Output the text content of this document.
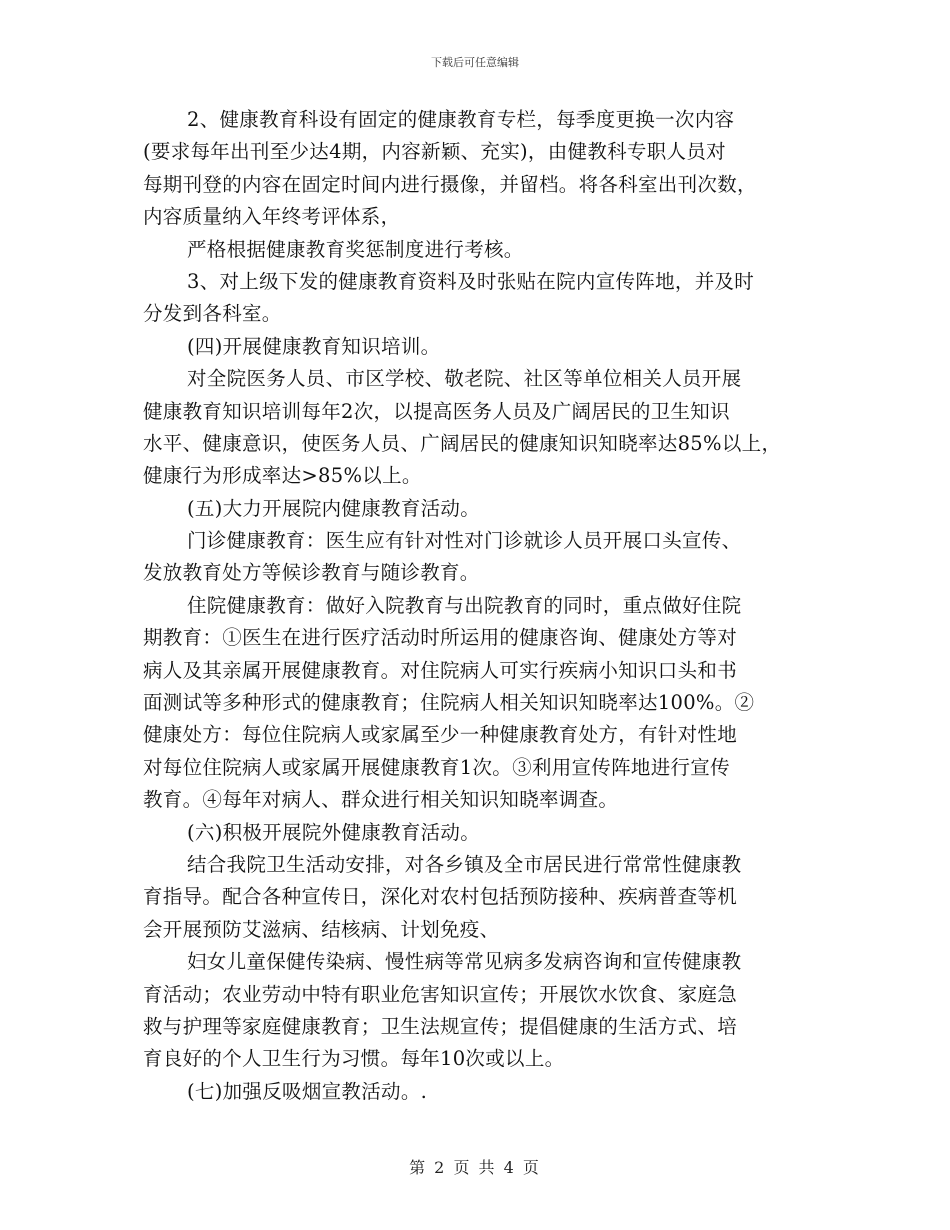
下载后可任意编辑
2、健康教育科设有固定的健康教育专栏，每季度更换一次内容
(要求每年出刊至少达4期，内容新颖、充实)，由健教科专职人员对
每期刊登的内容在固定时间内进行摄像，并留档。将各科室出刊次数，
内容质量纳入年终考评体系，
严格根据健康教育奖惩制度进行考核。
3、对上级下发的健康教育资料及时张贴在院内宣传阵地，并及时
分发到各科室。
(四)开展健康教育知识培训。
对全院医务人员、市区学校、敬老院、社区等单位相关人员开展
健康教育知识培训每年2次，以提高医务人员及广阔居民的卫生知识
水平、健康意识，使医务人员、广阔居民的健康知识知晓率达85%以上，
健康行为形成率达>85%以上。
(五)大力开展院内健康教育活动。
门诊健康教育：医生应有针对性对门诊就诊人员开展口头宣传、
发放教育处方等候诊教育与随诊教育。
住院健康教育：做好入院教育与出院教育的同时，重点做好住院
期教育：①医生在进行医疗活动时所运用的健康咨询、健康处方等对
病人及其亲属开展健康教育。对住院病人可实行疾病小知识口头和书
面测试等多种形式的健康教育；住院病人相关知识知晓率达100%。②
健康处方：每位住院病人或家属至少一种健康教育处方，有针对性地
对每位住院病人或家属开展健康教育1次。③利用宣传阵地进行宣传
教育。④每年对病人、群众进行相关知识知晓率调查。
(六)积极开展院外健康教育活动。
结合我院卫生活动安排，对各乡镇及全市居民进行常常性健康教
育指导。配合各种宣传日，深化对农村包括预防接种、疾病普查等机
会开展预防艾滋病、结核病、计划免疫、
妇女儿童保健传染病、慢性病等常见病多发病咨询和宣传健康教
育活动；农业劳动中特有职业危害知识宣传；开展饮水饮食、家庭急
救与护理等家庭健康教育；卫生法规宣传；提倡健康的生活方式、培
育良好的个人卫生行为习惯。每年10次或以上。
(七)加强反吸烟宣教活动。.
第 2 页 共 4 页
